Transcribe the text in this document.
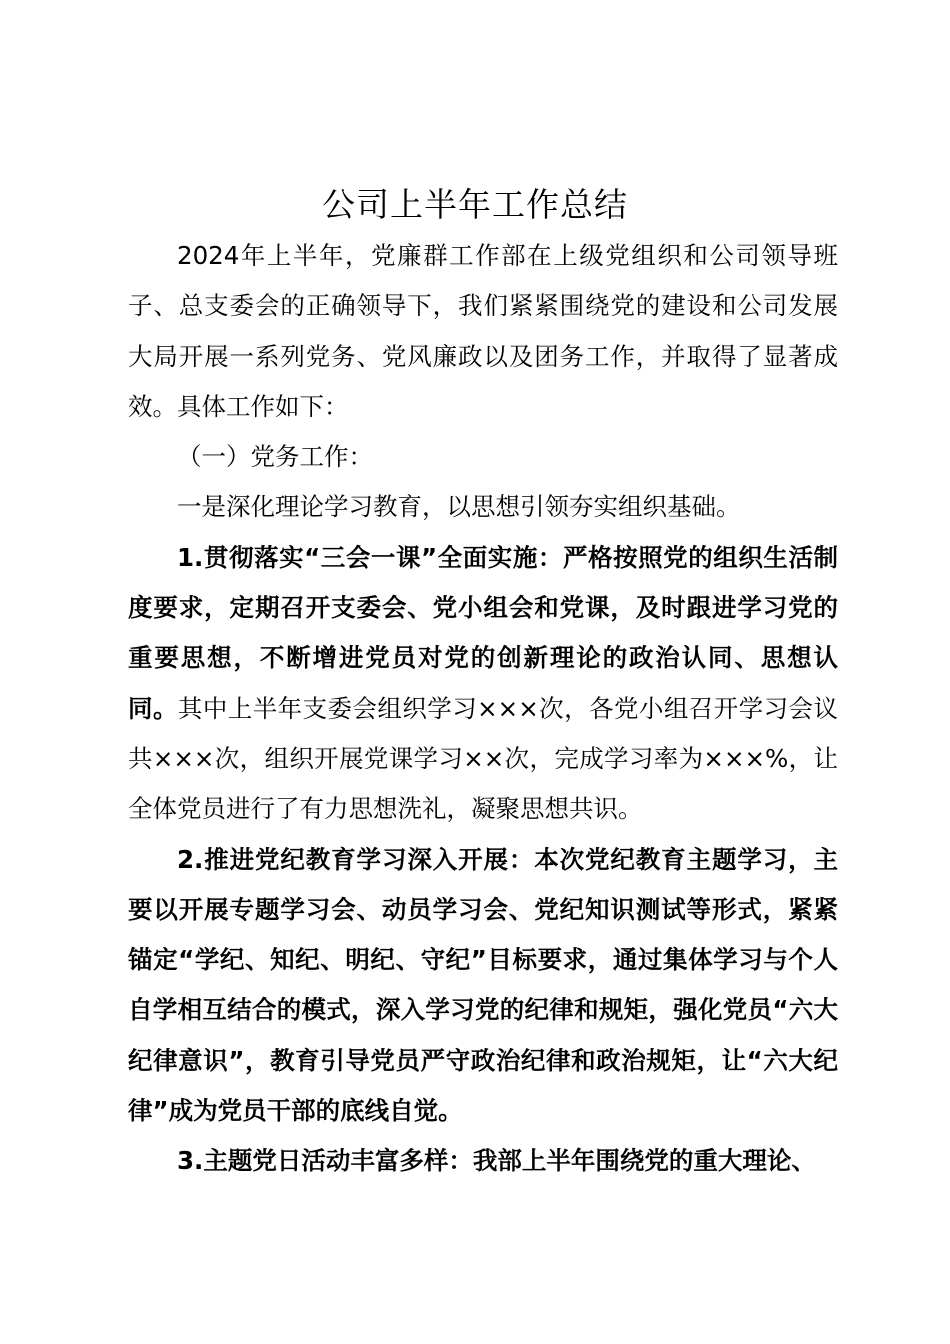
公司上半年工作总结

2024年上半年，党廉群工作部在上级党组织和公司领导班子、总支委会的正确领导下，我们紧紧围绕党的建设和公司发展大局开展一系列党务、党风廉政以及团务工作，并取得了显著成效。具体工作如下：

（一）党务工作：

一是深化理论学习教育，以思想引领夯实组织基础。

1.贯彻落实“三会一课”全面实施：严格按照党的组织生活制度要求，定期召开支委会、党小组会和党课，及时跟进学习党的重要思想，不断增进党员对党的创新理论的政治认同、思想认同。其中上半年支委会组织学习×××次，各党小组召开学习会议共×××次，组织开展党课学习××次，完成学习率为×××%，让全体党员进行了有力思想洗礼，凝聚思想共识。

2.推进党纪教育学习深入开展：本次党纪教育主题学习，主要以开展专题学习会、动员学习会、党纪知识测试等形式，紧紧锚定“学纪、知纪、明纪、守纪”目标要求，通过集体学习与个人自学相互结合的模式，深入学习党的纪律和规矩，强化党员“六大纪律意识”，教育引导党员严守政治纪律和政治规矩，让“六大纪律”成为党员干部的底线自觉。

3.主题党日活动丰富多样：我部上半年围绕党的重大理论、
